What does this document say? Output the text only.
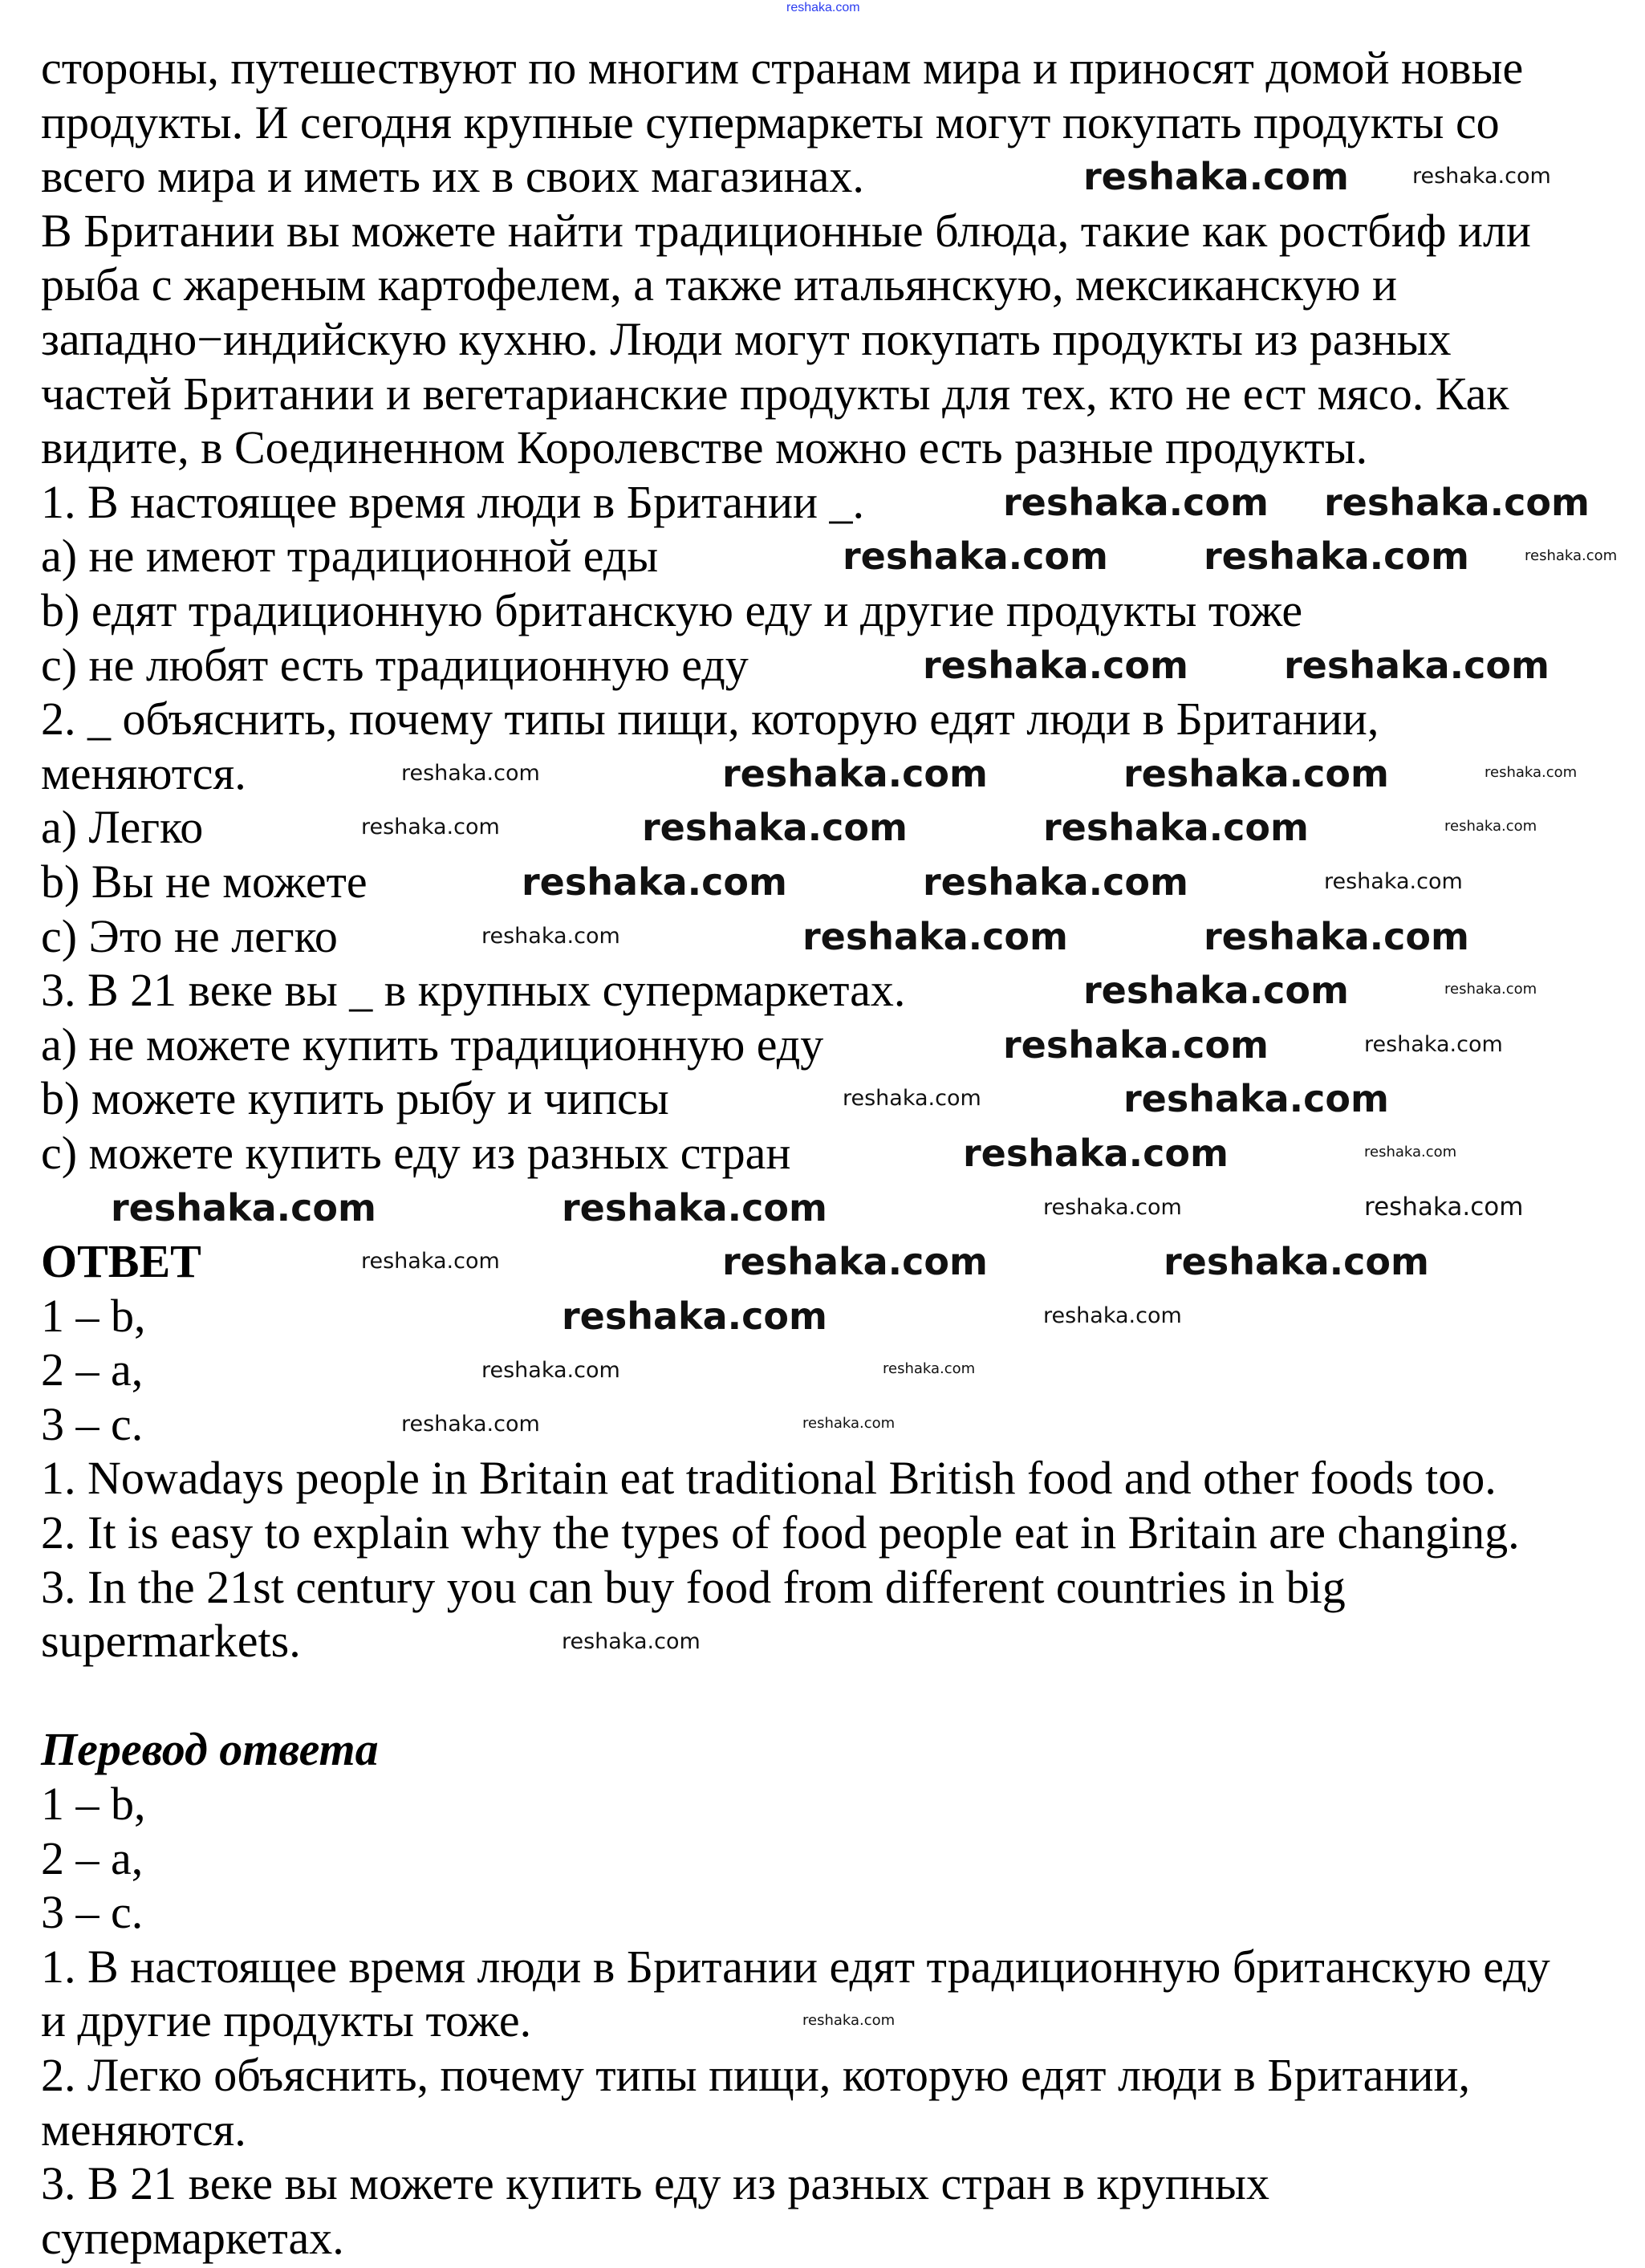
reshaka.com
стороны, путешествуют по многим странам мира и приносят домой новые
продукты. И сегодня крупные супермаркеты могут покупать продукты со
всего мира и иметь их в своих магазинах.
В Британии вы можете найти традиционные блюда, такие как ростбиф или
рыба с жареным картофелем, а также итальянскую, мексиканскую и
западно−индийскую кухню. Люди могут покупать продукты из разных
частей Британии и вегетарианские продукты для тех, кто не ест мясо. Как
видите, в Соединенном Королевстве можно есть разные продукты.
1. В настоящее время люди в Британии _.
a) не имеют традиционной еды
b) едят традиционную британскую еду и другие продукты тоже
c) не любят есть традиционную еду
2. _ объяснить, почему типы пищи, которую едят люди в Британии,
меняются.
a) Легко
b) Вы не можете
c) Это не легко
3. В 21 веке вы _ в крупных супермаркетах.
a) не можете купить традиционную еду
b) можете купить рыбу и чипсы
c) можете купить еду из разных стран
ОТВЕТ
1 – b,
2 – a,
3 – c.
1. Nowadays people in Britain eat traditional British food and other foods too.
2. It is easy to explain why the types of food people eat in Britain are changing.
3. In the 21st century you can buy food from different countries in big
supermarkets.
Перевод ответа
1 – b,
2 – a,
3 – c.
1. В настоящее время люди в Британии едят традиционную британскую еду
и другие продукты тоже.
2. Легко объяснить, почему типы пищи, которую едят люди в Британии,
меняются.
3. В 21 веке вы можете купить еду из разных стран в крупных
супермаркетах.
reshaka.com	reshaka.com
reshaka.com reshaka.com
reshaka.com	reshaka.com	reshaka.com
reshaka.com	reshaka.com
reshaka.com	reshaka.com	reshaka.com	reshaka.com
reshaka.com	reshaka.com	reshaka.com	reshaka.com
reshaka.com	reshaka.com	reshaka.com
reshaka.com	reshaka.com	reshaka.com
reshaka.com	reshaka.com
reshaka.com	reshaka.com
reshaka.com	reshaka.com
reshaka.com	reshaka.com
reshaka.com	reshaka.com	reshaka.com	reshaka.com
reshaka.com	reshaka.com	reshaka.com
reshaka.com	reshaka.com
reshaka.com	reshaka.com
reshaka.com	reshaka.com
reshaka.com
reshaka.com
